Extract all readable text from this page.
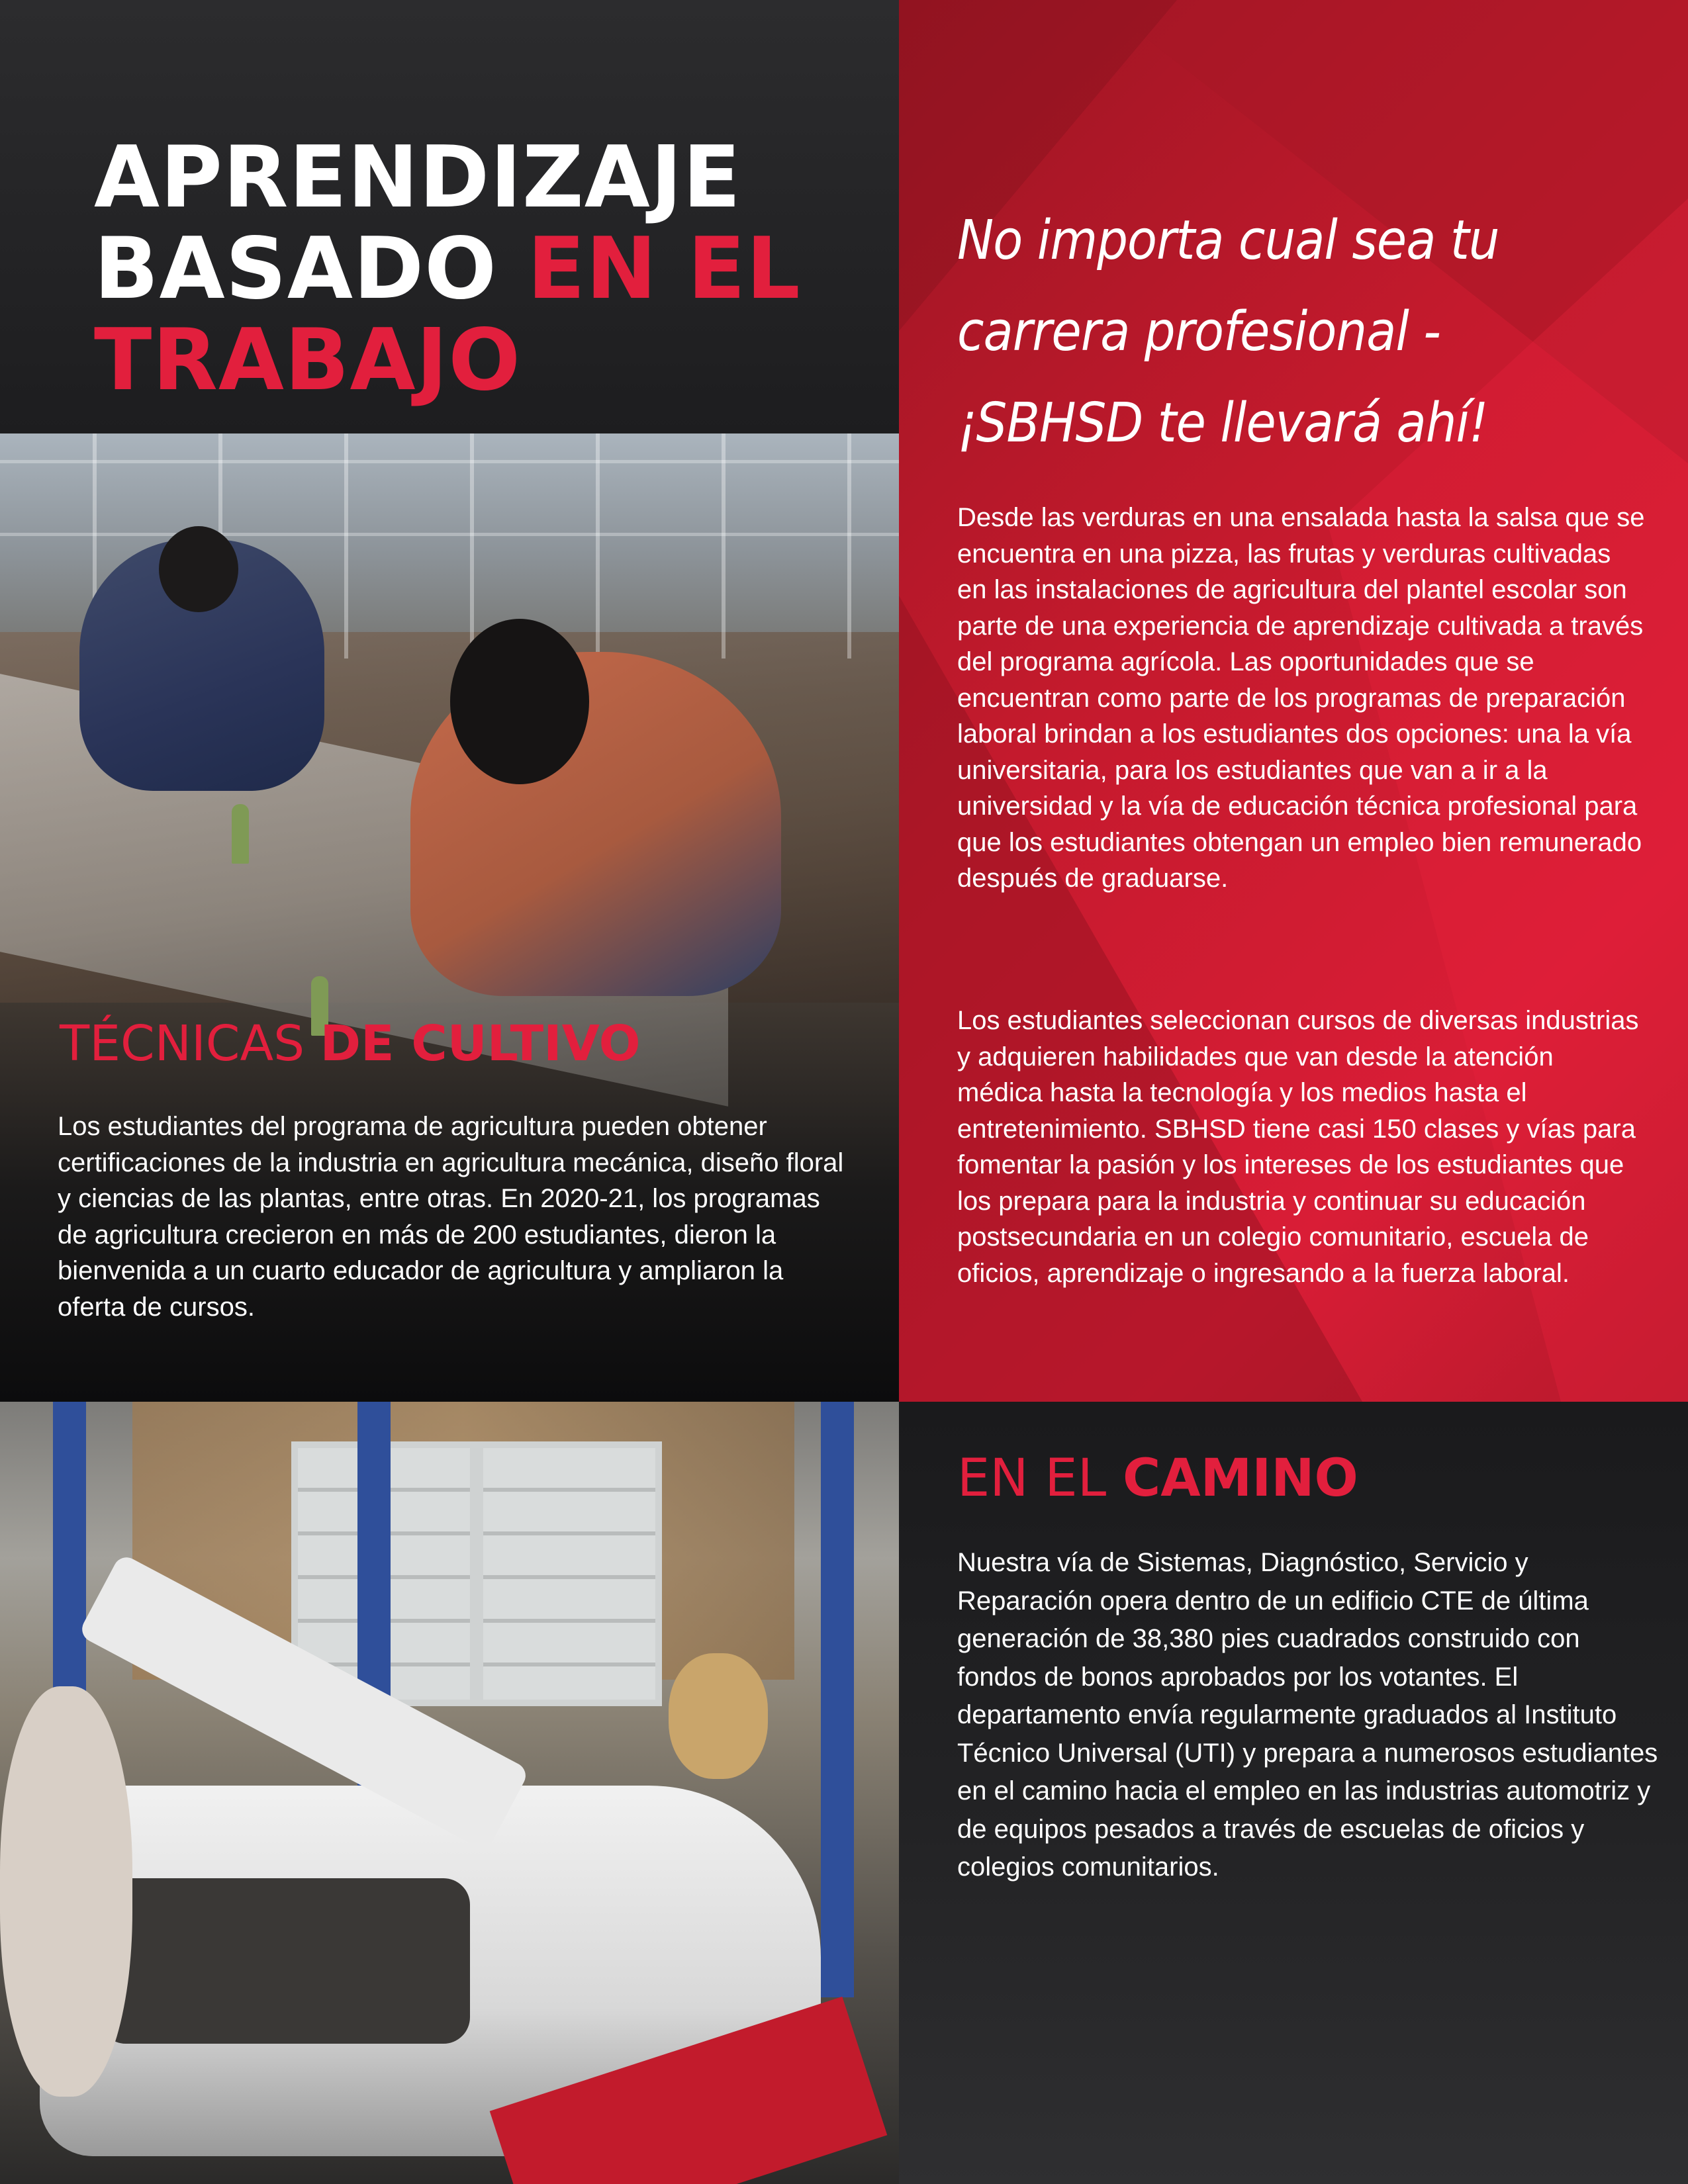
APRENDIZAJE
BASADO EN EL
TRABAJO
TÉCNICAS DE CULTIVO

Los estudiantes del programa de agricultura pueden obtener certificaciones de la industria en agricultura mecánica, diseño floral y ciencias de las plantas, entre otras. En 2020-21, los programas de agricultura crecieron en más de 200 estudiantes, dieron la bienvenida a un cuarto educador de agricultura y ampliaron la oferta de cursos.

No importa cual sea tu
carrera profesional -
¡SBHSD te llevará ahí!

Desde las verduras en una ensalada hasta la salsa que se encuentra en una pizza, las frutas y verduras cultivadas en las instalaciones de agricultura del plantel escolar son parte de una experiencia de aprendizaje cultivada a través del programa agrícola. Las oportunidades que se encuentran como parte de los programas de preparación laboral brindan a los estudiantes dos opciones: una la vía universitaria, para los estudiantes que van a ir a la universidad y la vía de educación técnica profesional para que los estudiantes obtengan un empleo bien remunerado después de graduarse.

Los estudiantes seleccionan cursos de diversas industrias y adquieren habilidades que van desde la atención médica hasta la tecnología y los medios hasta el entretenimiento. SBHSD tiene casi 150 clases y vías para fomentar la pasión y los intereses de los estudiantes que los prepara para la industria y continuar su educación postsecundaria en un colegio comunitario, escuela de oficios, aprendizaje o ingresando a la fuerza laboral.

EN EL CAMINO

Nuestra vía de Sistemas, Diagnóstico, Servicio y Reparación opera dentro de un edificio CTE de última generación de 38,380 pies cuadrados construido con fondos de bonos aprobados por los votantes. El departamento envía regularmente graduados al Instituto Técnico Universal (UTI) y prepara a numerosos estudiantes en el camino hacia el empleo en las industrias automotriz y de equipos pesados a través de escuelas de oficios y colegios comunitarios.
